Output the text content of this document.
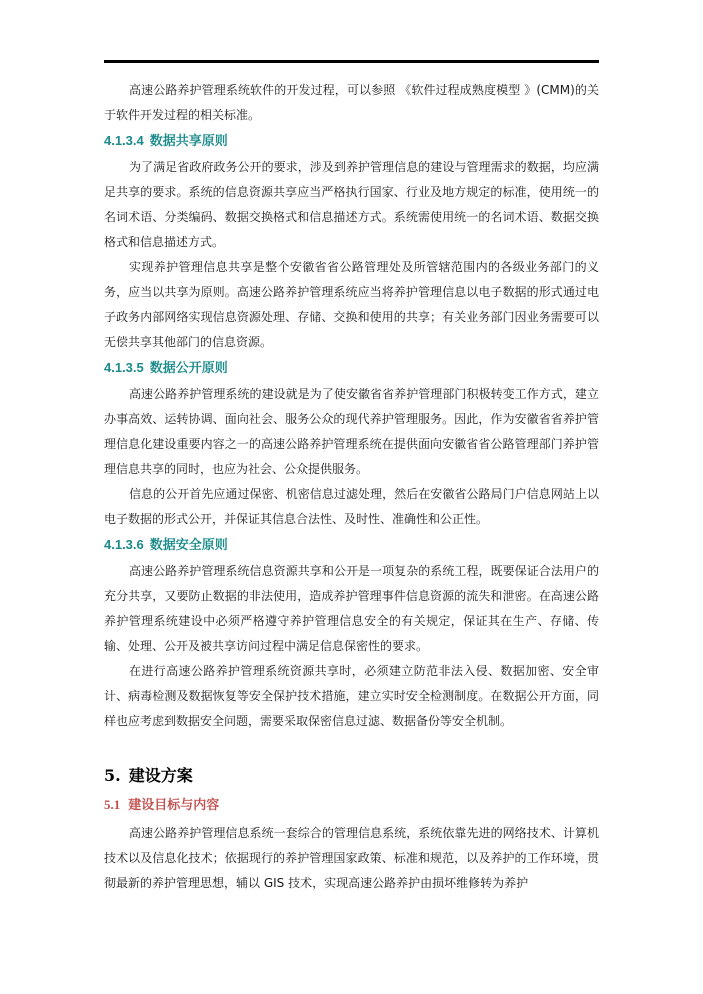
高速公路养护管理系统软件的开发过程，可以参照 《软件过程成熟度模型 》(CMM)的关于软件开发过程的相关标准。

4.1.3.4 数据共享原则

为了满足省政府政务公开的要求，涉及到养护管理信息的建设与管理需求的数据，均应满足共享的要求。系统的信息资源共享应当严格执行国家、行业及地方规定的标准，使用统一的名词术语、分类编码、数据交换格式和信息描述方式。系统需使用统一的名词术语、数据交换格式和信息描述方式。

实现养护管理信息共享是整个安徽省省公路管理处及所管辖范围内的各级业务部门的义务，应当以共享为原则。高速公路养护管理系统应当将养护管理信息以电子数据的形式通过电子政务内部网络实现信息资源处理、存储、交换和使用的共享；有关业务部门因业务需要可以无偿共享其他部门的信息资源。

4.1.3.5 数据公开原则

高速公路养护管理系统的建设就是为了使安徽省省养护管理部门积极转变工作方式，建立办事高效、运转协调、面向社会、服务公众的现代养护管理服务。因此，作为安徽省省养护管理信息化建设重要内容之一的高速公路养护管理系统在提供面向安徽省省公路管理部门养护管理信息共享的同时，也应为社会、公众提供服务。

信息的公开首先应通过保密、机密信息过滤处理，然后在安徽省公路局门户信息网站上以电子数据的形式公开，并保证其信息合法性、及时性、准确性和公正性。

4.1.3.6 数据安全原则

高速公路养护管理系统信息资源共享和公开是一项复杂的系统工程，既要保证合法用户的充分共享，又要防止数据的非法使用，造成养护管理事件信息资源的流失和泄密。在高速公路养护管理系统建设中必须严格遵守养护管理信息安全的有关规定，保证其在生产、存储、传输、处理、公开及被共享访问过程中满足信息保密性的要求。

在进行高速公路养护管理系统资源共享时，必须建立防范非法入侵、数据加密、安全审计、病毒检测及数据恢复等安全保护技术措施，建立实时安全检测制度。在数据公开方面，同样也应考虑到数据安全问题，需要采取保密信息过滤、数据备份等安全机制。

5. 建设方案
5.1 建设目标与内容

高速公路养护管理信息系统一套综合的管理信息系统，系统依靠先进的网络技术、计算机技术以及信息化技术；依据现行的养护管理国家政策、标准和规范，以及养护的工作环境，贯彻最新的养护管理思想，辅以 GIS 技术，实现高速公路养护由损坏维修转为养护
